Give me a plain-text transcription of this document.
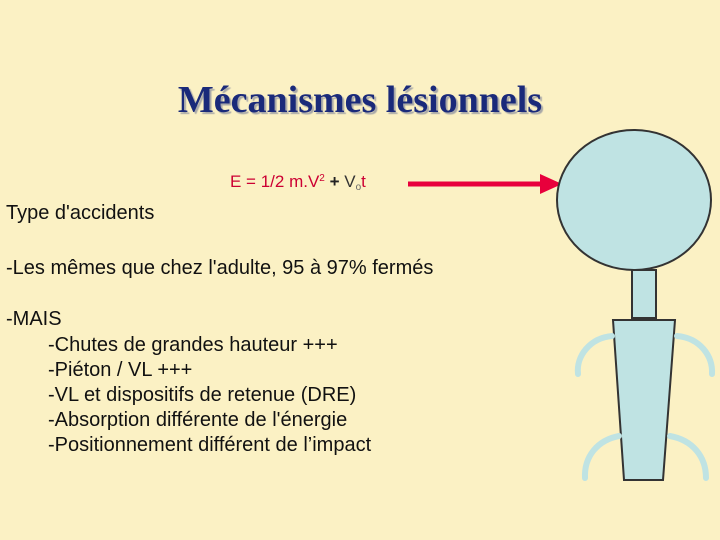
Mécanismes lésionnels
E = 1/2 $m.V^2 + V_ot$
Type d'accidents
-Les mêmes que chez l'adulte, 95 à 97% fermés
-MAIS
-Chutes de grandes hauteur +++
-Piéton / VL +++
-VL et dispositifs de retenue (DRE)
-Absorption différente de l'énergie
-Positionnement différent de l’impact
